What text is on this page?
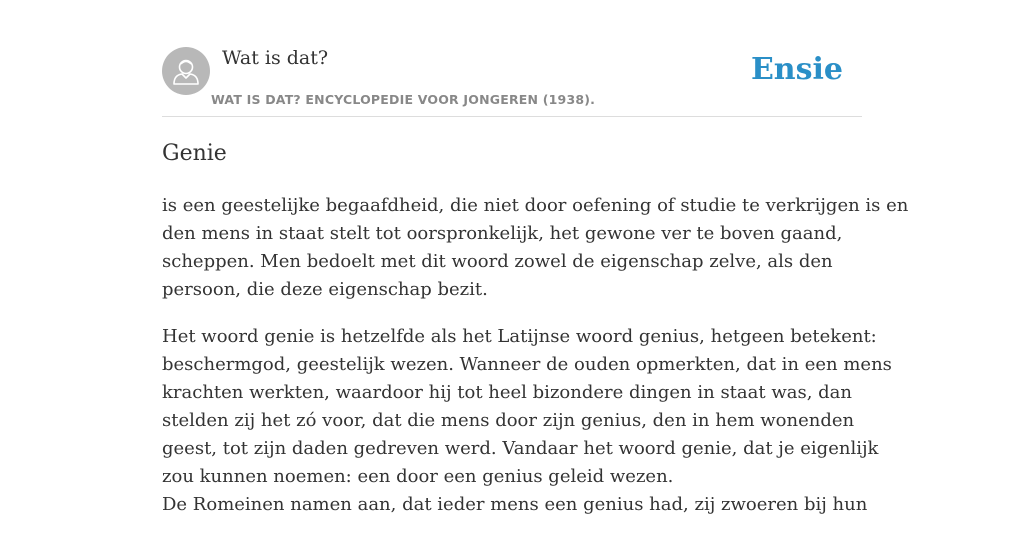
Wat is dat?
WAT IS DAT? ENCYCLOPEDIE VOOR JONGEREN (1938).
Ensie
Genie

is een geestelijke begaafdheid, die niet door oefening of studie te verkrijgen is en
den mens in staat stelt tot oorspronkelijk, het gewone ver te boven gaand,
scheppen. Men bedoelt met dit woord zowel de eigenschap zelve, als den
persoon, die deze eigenschap bezit.

Het woord genie is hetzelfde als het Latijnse woord genius, hetgeen betekent:
beschermgod, geestelijk wezen. Wanneer de ouden opmerkten, dat in een mens
krachten werkten, waardoor hij tot heel bizondere dingen in staat was, dan
stelden zij het zó voor, dat die mens door zijn genius, den in hem wonenden
geest, tot zijn daden gedreven werd. Vandaar het woord genie, dat je eigenlijk
zou kunnen noemen: een door een genius geleid wezen.
De Romeinen namen aan, dat ieder mens een genius had, zij zwoeren bij hun
